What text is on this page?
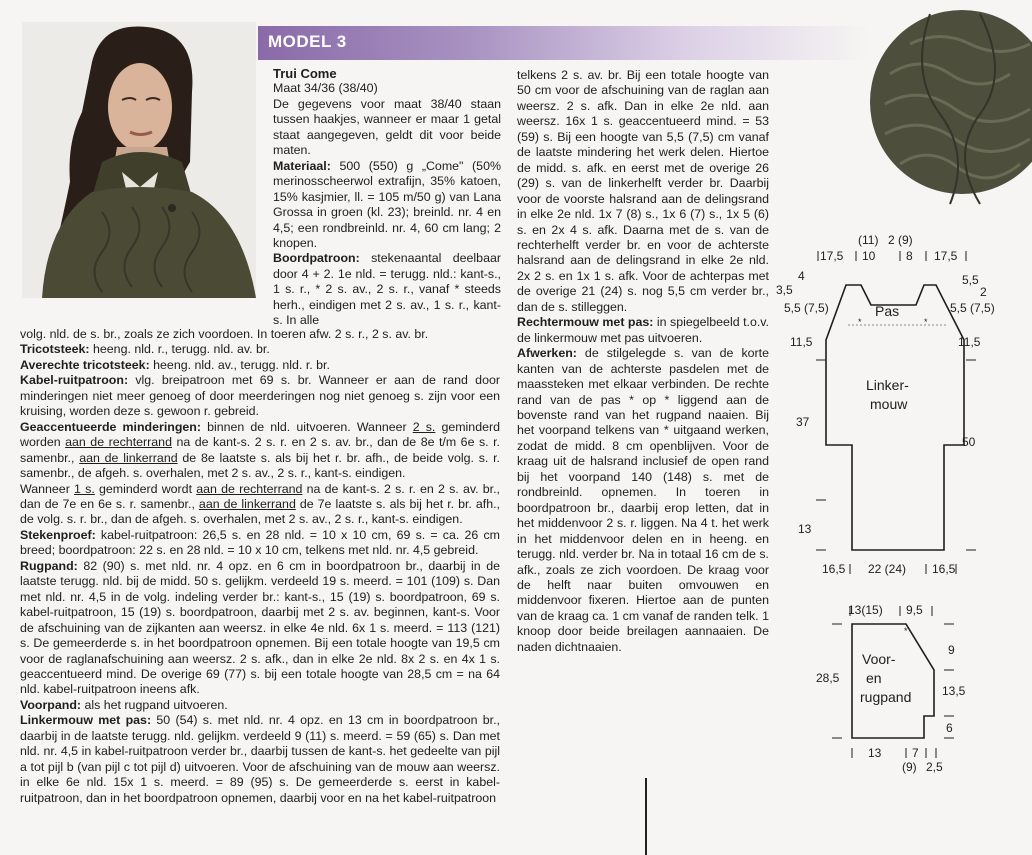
MODEL 3

Trui Come

Maat 34/36 (38/40)

De gegevens voor maat 38/40 staan tussen haakjes, wanneer er maar 1 getal staat aangegeven, geldt dit voor beide maten.

Materiaal: 500 (550) g „Come" (50% merinosscheerwol extrafijn, 35% katoen, 15% kasjmier, ll. = 105 m/50 g) van Lana Grossa in groen (kl. 23); breinld. nr. 4 en 4,5; een rondbreinld. nr. 4, 60 cm lang; 2 knopen.

Boordpatroon: stekenaantal deelbaar door 4 + 2. 1e nld. = terugg. nld.: kant-s., 1 s. r., * 2 s. av., 2 s. r., vanaf * steeds herh., eindigen met 2 s. av., 1 s. r., kant-s. In alle

volg. nld. de s. br., zoals ze zich voordoen. In toeren afw. 2 s. r., 2 s. av. br.

Tricotsteek: heeng. nld. r., terugg. nld. av. br.

Averechte tricotsteek: heeng. nld. av., terugg. nld. r. br.

Kabel-ruitpatroon: vlg. breipatroon met 69 s. br. Wanneer er aan de rand door minderingen niet meer genoeg of door meerderingen nog niet genoeg s. zijn voor een kruising, worden deze s. gewoon r. gebreid.

Geaccentueerde minderingen: binnen de nld. uitvoeren. Wanneer 2 s. geminderd worden aan de rechterrand na de kant-s. 2 s. r. en 2 s. av. br., dan de 8e t/m 6e s. r. samenbr., aan de linkerrand de 8e laatste s. als bij het r. br. afh., de beide volg. s. r. samenbr., de afgeh. s. overhalen, met 2 s. av., 2 s. r., kant-s. eindigen.

Wanneer 1 s. geminderd wordt aan de rechterrand na de kant-s. 2 s. r. en 2 s. av. br., dan de 7e en 6e s. r. samenbr., aan de linkerrand de 7e laatste s. als bij het r. br. afh., de volg. s. r. br., dan de afgeh. s. overhalen, met 2 s. av., 2 s. r., kant-s. eindigen.

Stekenproef: kabel-ruitpatroon: 26,5 s. en 28 nld. = 10 x 10 cm, 69 s. = ca. 26 cm breed; boordpatroon: 22 s. en 28 nld. = 10 x 10 cm, telkens met nld. nr. 4,5 gebreid.

Rugpand: 82 (90) s. met nld. nr. 4 opz. en 6 cm in boordpatroon br., daarbij in de laatste terugg. nld. bij de midd. 50 s. gelijkm. verdeeld 19 s. meerd. = 101 (109) s. Dan met nld. nr. 4,5 in de volg. indeling verder br.: kant-s., 15 (19) s. boordpatroon, 69 s. kabel-ruitpatroon, 15 (19) s. boordpatroon, daarbij met 2 s. av. beginnen, kant-s. Voor de afschuining van de zijkanten aan weersz. in elke 4e nld. 6x 1 s. meerd. = 113 (121) s. De gemeerderde s. in het boordpatroon opnemen. Bij een totale hoogte van 19,5 cm voor de raglanafschuining aan weersz. 2 s. afk., dan in elke 2e nld. 8x 2 s. en 4x 1 s. geaccentueerd mind. De overige 69 (77) s. bij een totale hoogte van 28,5 cm = na 64 nld. kabel-ruitpatroon ineens afk.

Voorpand: als het rugpand uitvoeren.

Linkermouw met pas: 50 (54) s. met nld. nr. 4 opz. en 13 cm in boordpatroon br., daarbij in de laatste terugg. nld. gelijkm. verdeeld 9 (11) s. meerd. = 59 (65) s. Dan met nld. nr. 4,5 in kabel-ruitpatroon verder br., daarbij tussen de kant-s. het gedeelte van pijl a tot pijl b (van pijl c tot pijl d) uitvoeren. Voor de afschuining van de mouw aan weersz. in elke 6e nld. 15x 1 s. meerd. = 89 (95) s. De gemeerderde s. eerst in kabel-ruitpatroon, dan in het boordpatroon opnemen, daarbij voor en na het kabel-ruitpatroon

telkens 2 s. av. br. Bij een totale hoogte van 50 cm voor de afschuining van de raglan aan weersz. 2 s. afk. Dan in elke 2e nld. aan weersz. 16x 1 s. geaccentueerd mind. = 53 (59) s. Bij een hoogte van 5,5 (7,5) cm vanaf de laatste mindering het werk delen. Hiertoe de midd. s. afk. en eerst met de overige 26 (29) s. van de linkerhelft verder br. Daarbij voor de voorste halsrand aan de delingsrand in elke 2e nld. 1x 7 (8) s., 1x 6 (7) s., 1x 5 (6) s. en 2x 4 s. afk. Daarna met de s. van de rechterhelft verder br. en voor de achterste halsrand aan de delingsrand in elke 2e nld. 2x 2 s. en 1x 1 s. afk. Voor de achterpas met de overige 21 (24) s. nog 5,5 cm verder br., dan de s. stilleggen.

Rechtermouw met pas: in spiegelbeeld t.o.v. de linkermouw met pas uitvoeren.

Afwerken: de stilgelegde s. van de korte kanten van de achterste pasdelen met de maassteken met elkaar verbinden. De rechte rand van de pas * op * liggend aan de bovenste rand van het rugpand naaien. Bij het voorpand telkens van * uitgaand werken, zodat de midd. 8 cm openblijven. Voor de kraag uit de halsrand inclusief de open rand bij het voorpand 140 (148) s. met de rondbreinld. opnemen. In toeren in boordpatroon br., daarbij erop letten, dat in het middenvoor 2 s. r. liggen. Na 4 t. het werk in het middenvoor delen en in heeng. en terugg. nld. verder br. Na in totaal 16 cm de s. afk., zoals ze zich voordoen. De kraag voor de helft naar buiten omvouwen en middenvoor fixeren. Hiertoe aan de punten van de kraag ca. 1 cm vanaf de randen telk. 1 knoop door beide breilagen aannaaien. De naden dichtnaaien.

*	*
(11) 2 (9)
17,5 10	8 17,5
4
3,5
5,5 (7,5)
11,5
37
13
5,5
2
5,5 (7,5)
11,5
50
Pas
Linker-
mouw
16,5 22 (24) 16,5
*
13(15) 9,5
28,5
9
13,5
6
Voor-
en
rugpand
13	7
(9) 2,5
